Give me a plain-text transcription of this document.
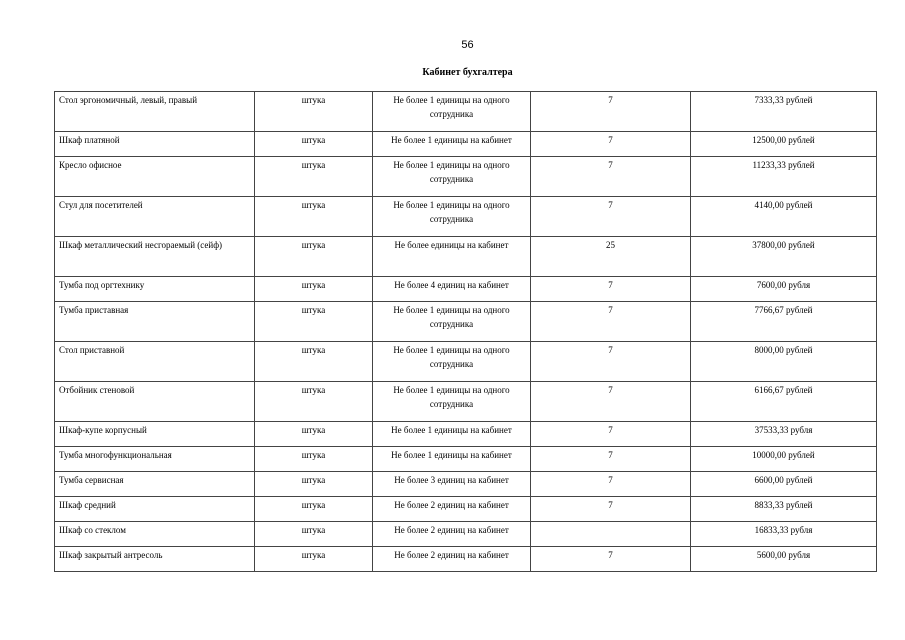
56
Кабинет бухгалтера
Стол эргономичный, левый, правый	штука	Не более 1 единицы на одного сотрудника	7	7333,33 рублей
Шкаф платяной	штука	Не более 1 единицы на кабинет	7	12500,00 рублей
Кресло офисное	штука	Не более 1 единицы на одного сотрудника	7	11233,33 рублей
Стул для посетителей	штука	Не более 1 единицы на одного сотрудника	7	4140,00 рублей
Шкаф металлический несгораемый (сейф)	штука	Не более единицы на кабинет	25	37800,00 рублей
Тумба под оргтехнику	штука	Не более 4 единиц на кабинет	7	7600,00 рубля
Тумба приставная	штука	Не более 1 единицы на одного сотрудника	7	7766,67 рублей
Стол приставной	штука	Не более 1 единицы на одного сотрудника	7	8000,00 рублей
Отбойник стеновой	штука	Не более 1 единицы на одного сотрудника	7	6166,67 рублей
Шкаф-купе корпусный	штука	Не более 1 единицы на кабинет	7	37533,33 рубля
Тумба многофункциональная	штука	Не более 1 единицы на кабинет	7	10000,00 рублей
Тумба сервисная	штука	Не более 3 единиц на кабинет	7	6600,00 рублей
Шкаф средний	штука	Не более 2 единиц на кабинет	7	8833,33 рублей
Шкаф со стеклом	штука	Не более 2 единиц на кабинет		16833,33 рубля
Шкаф закрытый антресоль	штука	Не более 2 единиц на кабинет	7	5600,00 рубля
